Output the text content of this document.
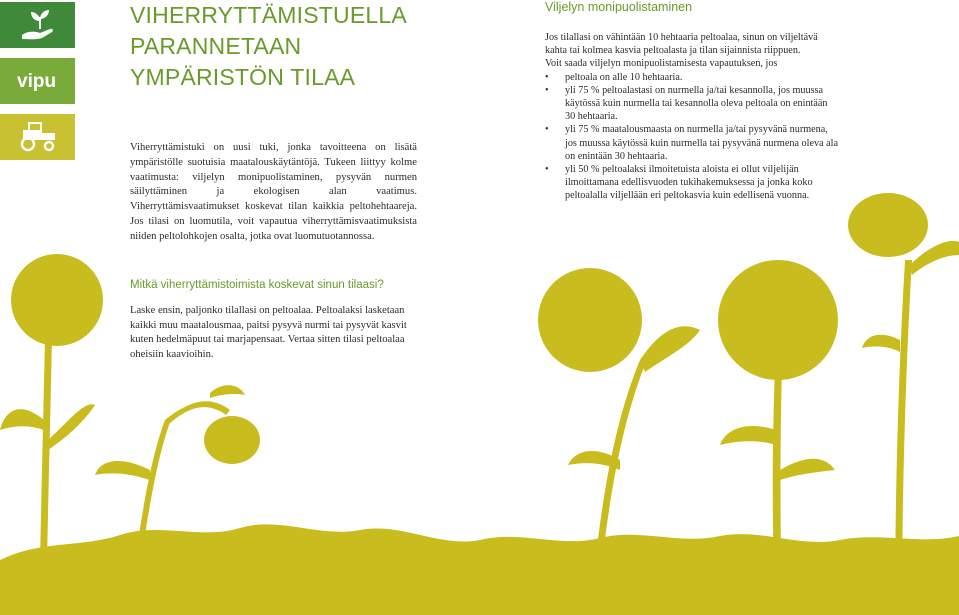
vipu
VIHERRYTTÄMISTUELLA PARANNETAAN YMPÄRISTÖN TILAA

Viherryttämistuki on uusi tuki, jonka tavoitteena on lisätä ympäristölle suotuisia maatalouskäytäntöjä. Tukeen liittyy kolme vaatimusta: viljelyn monipuolistaminen, pysyvän nurmen säilyttäminen ja ekologisen alan vaatimus. Viherryttämisvaatimukset koskevat tilan kaikkia peltohehtaareja. Jos tilasi on luomutila, voit vapautua viherryttämisvaatimuksista niiden peltolohkojen osalta, jotka ovat luomutuotannossa.

Mitkä viherryttämistoimista koskevat sinun tilaasi?

Laske ensin, paljonko tilallasi on peltoalaa. Peltoalaksi lasketaan kaikki muu maatalousmaa, paitsi pysyvä nurmi tai pysyvät kasvit kuten hedelmäpuut tai marjapensaat. Vertaa sitten tilasi peltoalaa oheisiin kaavioihin.

Viljelyn monipuolistaminen

Jos tilallasi on vähintään 10 hehtaaria peltoalaa, sinun on viljeltävä kahta tai kolmea kasvia peltoalasta ja tilan sijainnista riippuen.

Voit saada viljelyn monipuolistamisesta vapautuksen, jos

• peltoala on alle 10 hehtaaria.
• yli 75 % peltoalastasi on nurmella ja/tai kesannolla, jos muussa käytössä kuin nurmella tai kesannolla oleva peltoala on enintään 30 hehtaaria.
• yli 75 % maatalousmaasta on nurmella ja/tai pysyvänä nurmena, jos muussa käytössä kuin nurmella tai pysyvänä nurmena oleva ala on enintään 30 hehtaaria.
• yli 50 % peltoalaksi ilmoitetuista aloista ei ollut viljelijän ilmoittamana edellisvuoden tukihakemuksessa ja jonka koko peltoalalla viljellään eri peltokasvia kuin edellisenä vuonna.
